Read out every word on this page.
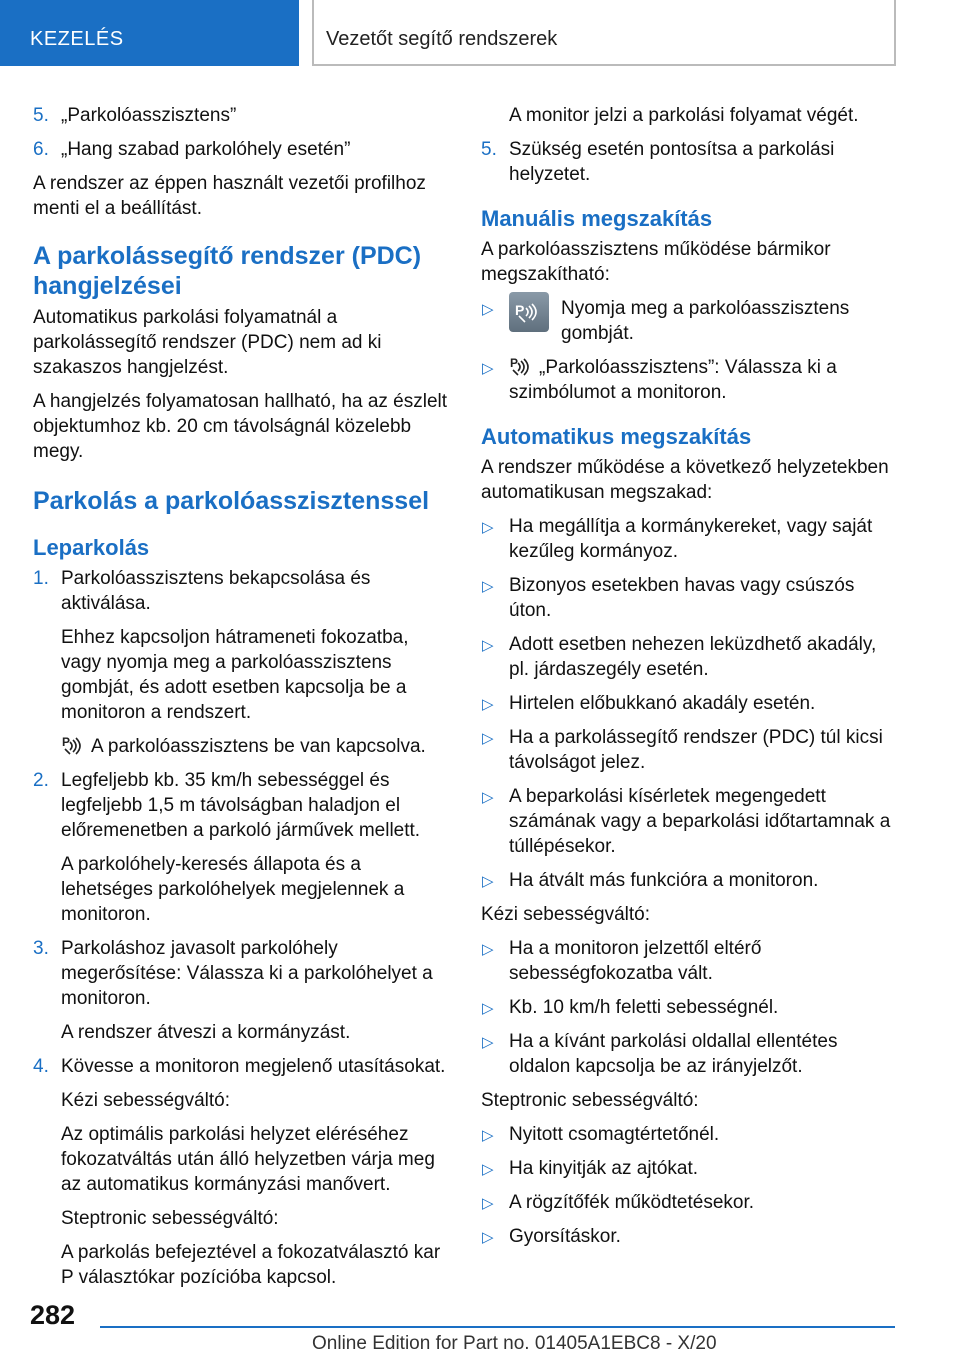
KEZELÉS	Vezetőt segítő rendszerek
5. „Parkolóasszisztens”
6. „Hang szabad parkolóhely esetén”

A rendszer az éppen használt vezetői profilhoz menti el a beállítást.

A parkolássegítő rendszer (PDC) hangjelzései

Automatikus parkolási folyamatnál a parkolássegítő rendszer (PDC) nem ad ki szakaszos hangjelzést.

A hangjelzés folyamatosan hallható, ha az észlelt objektumhoz kb. 20 cm távolságnál közelebb megy.

Parkolás a parkolóasszisztenssel
Leparkolás
1. Parkolóasszisztens bekapcsolása és aktiválása.

Ehhez kapcsoljon hátrameneti fokozatba, vagy nyomja meg a parkolóasszisztens gombját, és adott esetben kapcsolja be a monitoron a rendszert.

P A parkolóasszisztens be van kapcsolva.

2. Legfeljebb kb. 35 km/h sebességgel és legfeljebb 1,5 m távolságban haladjon el előremenetben a parkoló járművek mellett.

A parkolóhely-keresés állapota és a lehetséges parkolóhelyek megjelennek a monitoron.

3. Parkoláshoz javasolt parkolóhely megerősítése: Válassza ki a parkolóhelyet a monitoron.

A rendszer átveszi a kormányzást.

4. Kövesse a monitoron megjelenő utasításokat.

Kézi sebességváltó:

Az optimális parkolási helyzet eléréséhez fokozatváltás után álló helyzetben várja meg az automatikus kormányzási manővert.

Steptronic sebességváltó:

A parkolás befejeztével a fokozatválasztó kar P választókar pozícióba kapcsol.

A monitor jelzi a parkolási folyamat végét.

5. Szükség esetén pontosítsa a parkolási helyzetet.
Manuális megszakítás

A parkolóasszisztens működése bármikor megszakítható:

▷ P Nyomja meg a parkolóasszisztens gombját.
▷ P „Parkolóasszisztens”: Válassza ki a szimbólumot a monitoron.
Automatikus megszakítás

A rendszer működése a következő helyzetekben automatikusan megszakad:

▷ Ha megállítja a kormánykereket, vagy saját kezűleg kormányoz.
▷ Bizonyos esetekben havas vagy csúszós úton.
▷ Adott esetben nehezen leküzdhető akadály, pl. járdaszegély esetén.
▷ Hirtelen előbukkanó akadály esetén.
▷ Ha a parkolássegítő rendszer (PDC) túl kicsi távolságot jelez.
▷ A beparkolási kísérletek megengedett számának vagy a beparkolási időtartamnak a túllépésekor.
▷ Ha átvált más funkcióra a monitoron.

Kézi sebességváltó:

▷ Ha a monitoron jelzettől eltérő sebességfokozatba vált.
▷ Kb. 10 km/h feletti sebességnél.
▷ Ha a kívánt parkolási oldallal ellentétes oldalon kapcsolja be az irányjelzőt.

Steptronic sebességváltó:

▷ Nyitott csomagtértetőnél.
▷ Ha kinyitják az ajtókat.
▷ A rögzítőfék működtetésekor.
▷ Gyorsításkor.
282
Online Edition for Part no. 01405A1EBC8 - X/20
